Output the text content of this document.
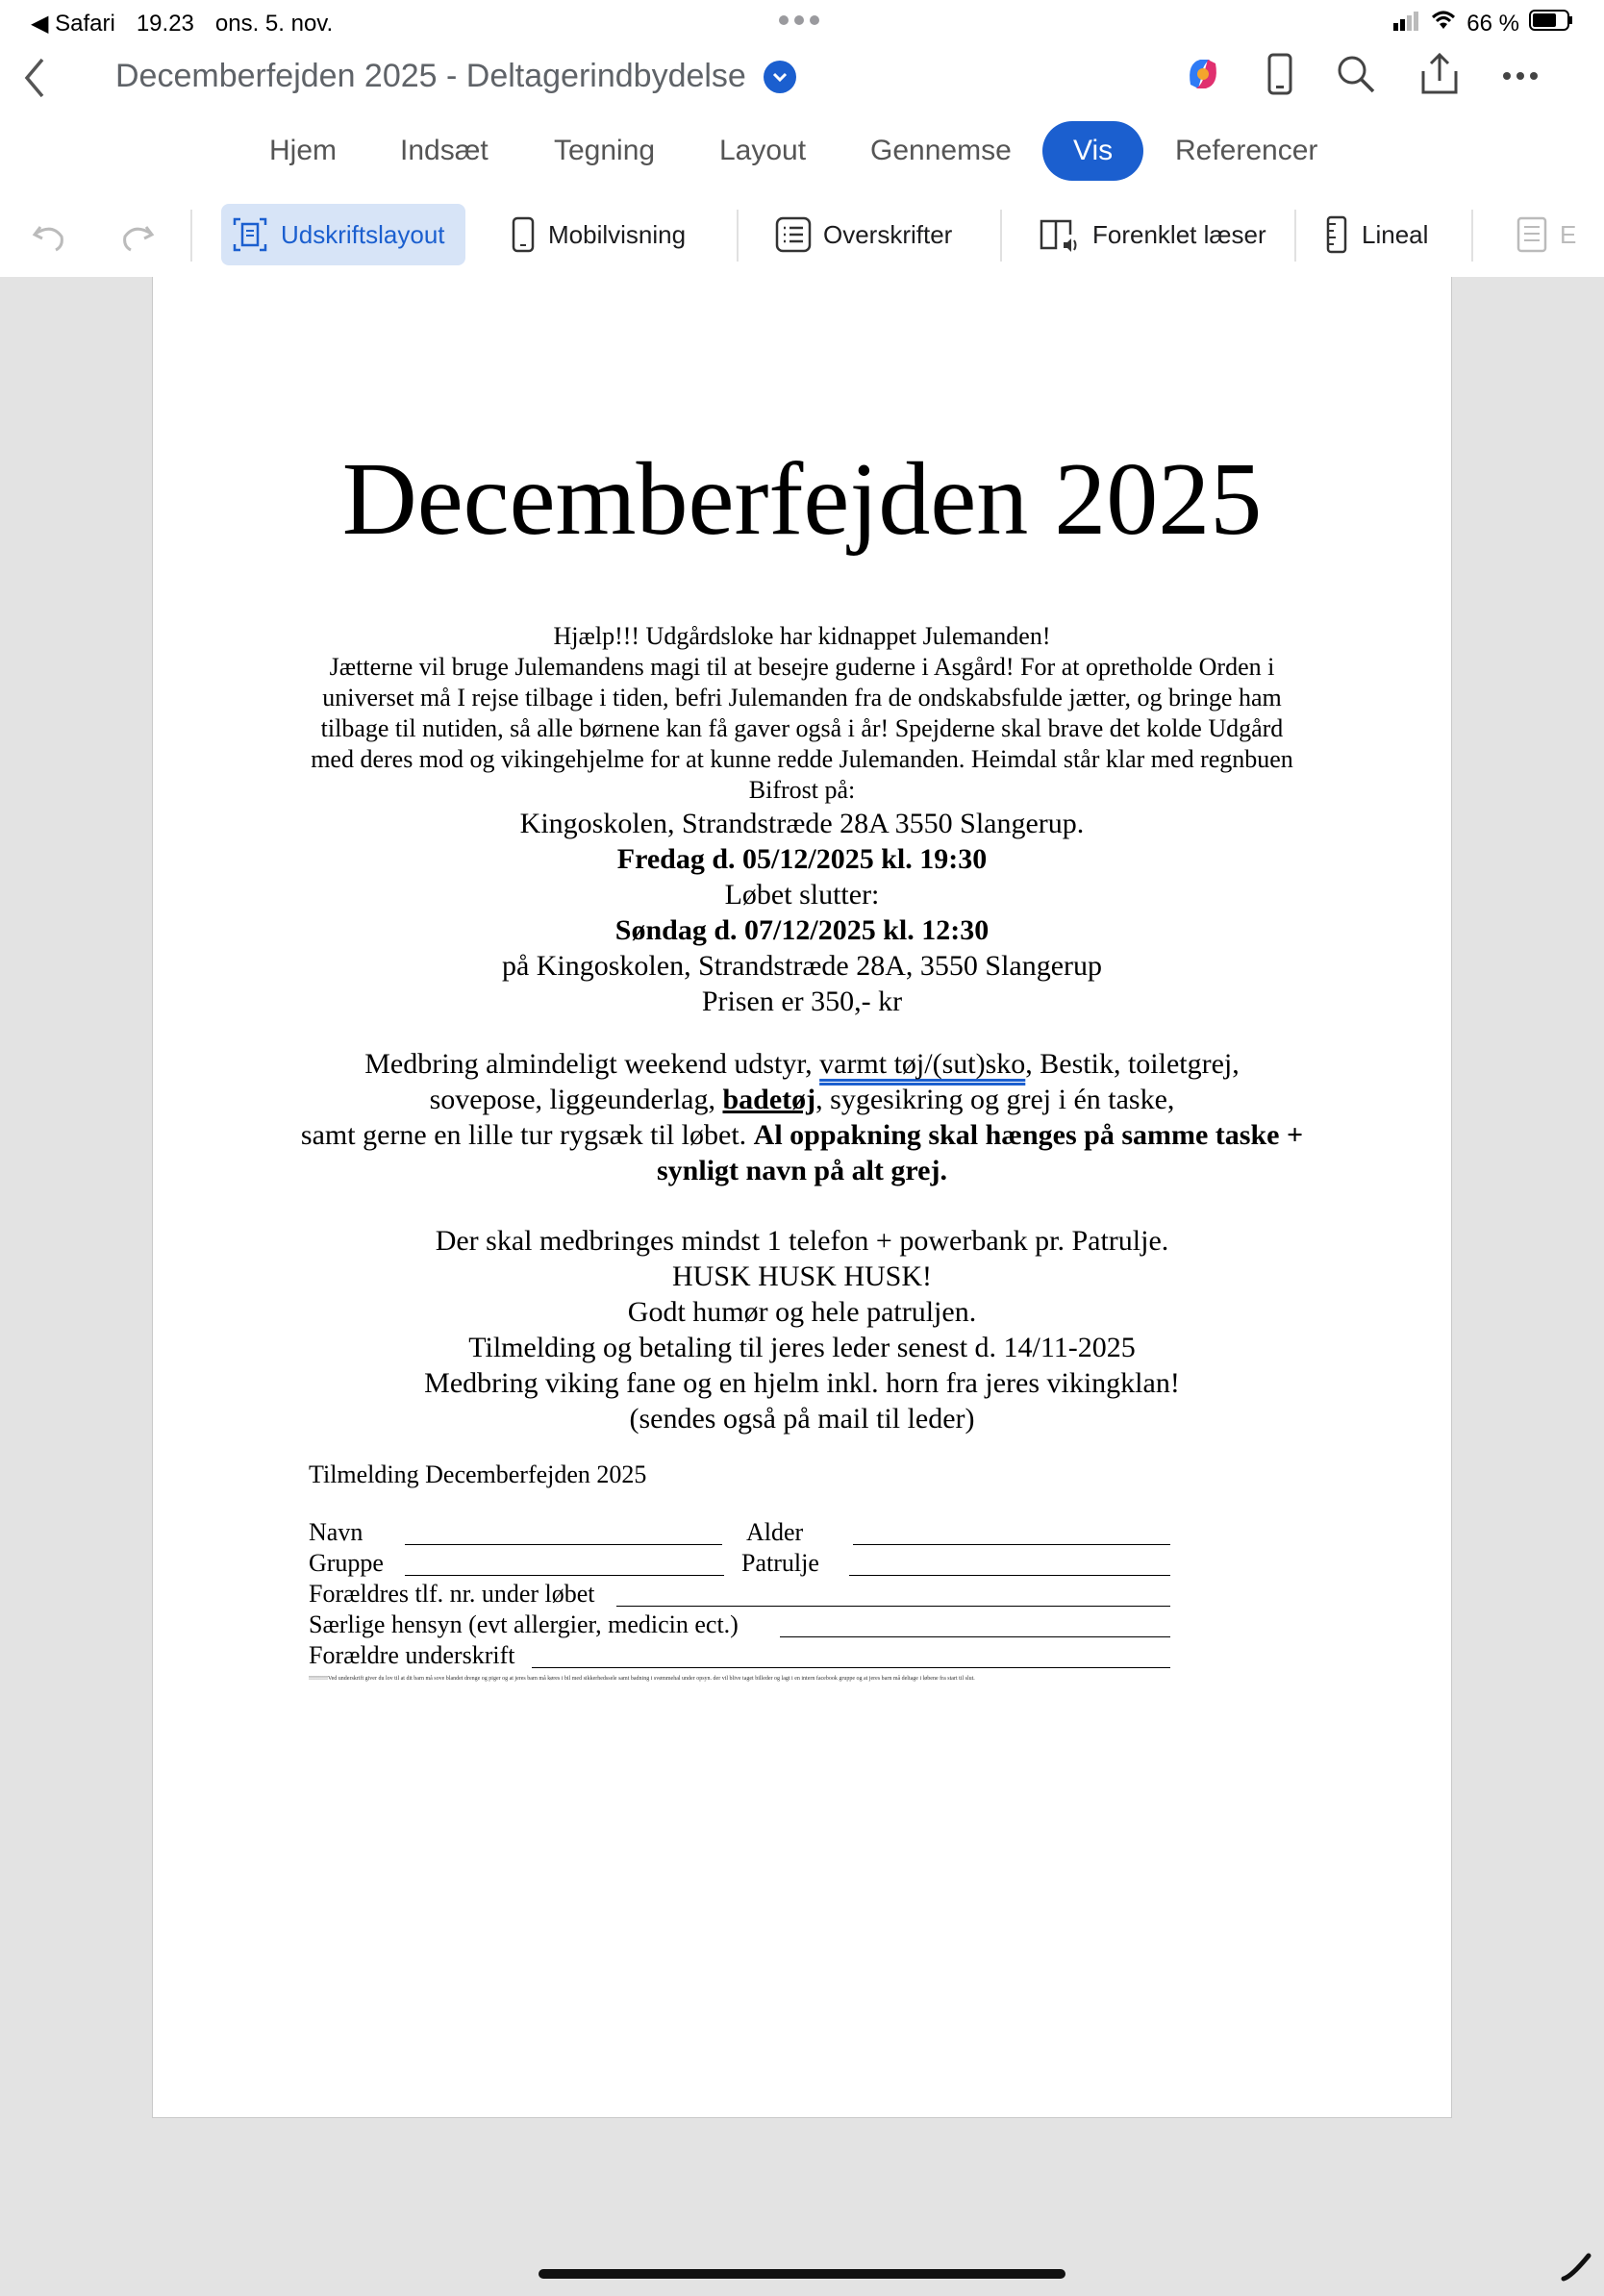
◀ Safari 19.23 ons. 5. nov.	66 %
Decemberfejden 2025 - Deltagerindbydelse
Hjem Indsæt Tegning Layout Gennemse	Vis	Referencer
Udskriftslayout	Mobilvisning	Overskrifter	Forenklet læser	Lineal	E
Decemberfejden 2025
Hjælp!!! Udgårdsloke har kidnappet Julemanden!
Jætterne vil bruge Julemandens magi til at besejre guderne i Asgård! For at opretholde Orden i universet må I rejse tilbage i tiden, befri Julemanden fra de ondskabsfulde jætter, og bringe ham tilbage til nutiden, så alle børnene kan få gaver også i år! Spejderne skal brave det kolde Udgård med deres mod og vikingehjelme for at kunne redde Julemanden. Heimdal står klar med regnbuen Bifrost på:
Kingoskolen, Strandstræde 28A 3550 Slangerup.
Fredag d. 05/12/2025 kl. 19:30
Løbet slutter:
Søndag d. 07/12/2025 kl. 12:30
på Kingoskolen, Strandstræde 28A, 3550 Slangerup
Prisen er 350,- kr
Medbring almindeligt weekend udstyr, varmt tøj/(sut)sko, Bestik, toiletgrej,
sovepose, liggeunderlag, badetøj, sygesikring og grej i én taske,
samt gerne en lille tur rygsæk til løbet. Al oppakning skal hænges på samme taske + synligt navn på alt grej.
Der skal medbringes mindst 1 telefon + powerbank pr. Patrulje.
HUSK HUSK HUSK!
Godt humør og hele patruljen.
Tilmelding og betaling til jeres leder senest d. 14/11-2025
Medbring viking fane og en hjelm inkl. horn fra jeres vikingklan!
(sendes også på mail til leder)
Tilmelding Decemberfejden 2025
Navn	Alder
Gruppe	Patrulje
Forældres tlf. nr. under løbet
Særlige hensyn (evt allergier, medicin ect.)
Forældre underskrift
!!!!!!!!!!Ved underskrift giver du lov til at dit barn må sove blandet drenge og piger og at jeres barn må køres i bil med sikkerhedssele samt badning i svømmehal under opsyn. der vil blive taget billeder og lagt i en intern facebook gruppe og at jeres barn må deltage i løbene fra start til slut.
